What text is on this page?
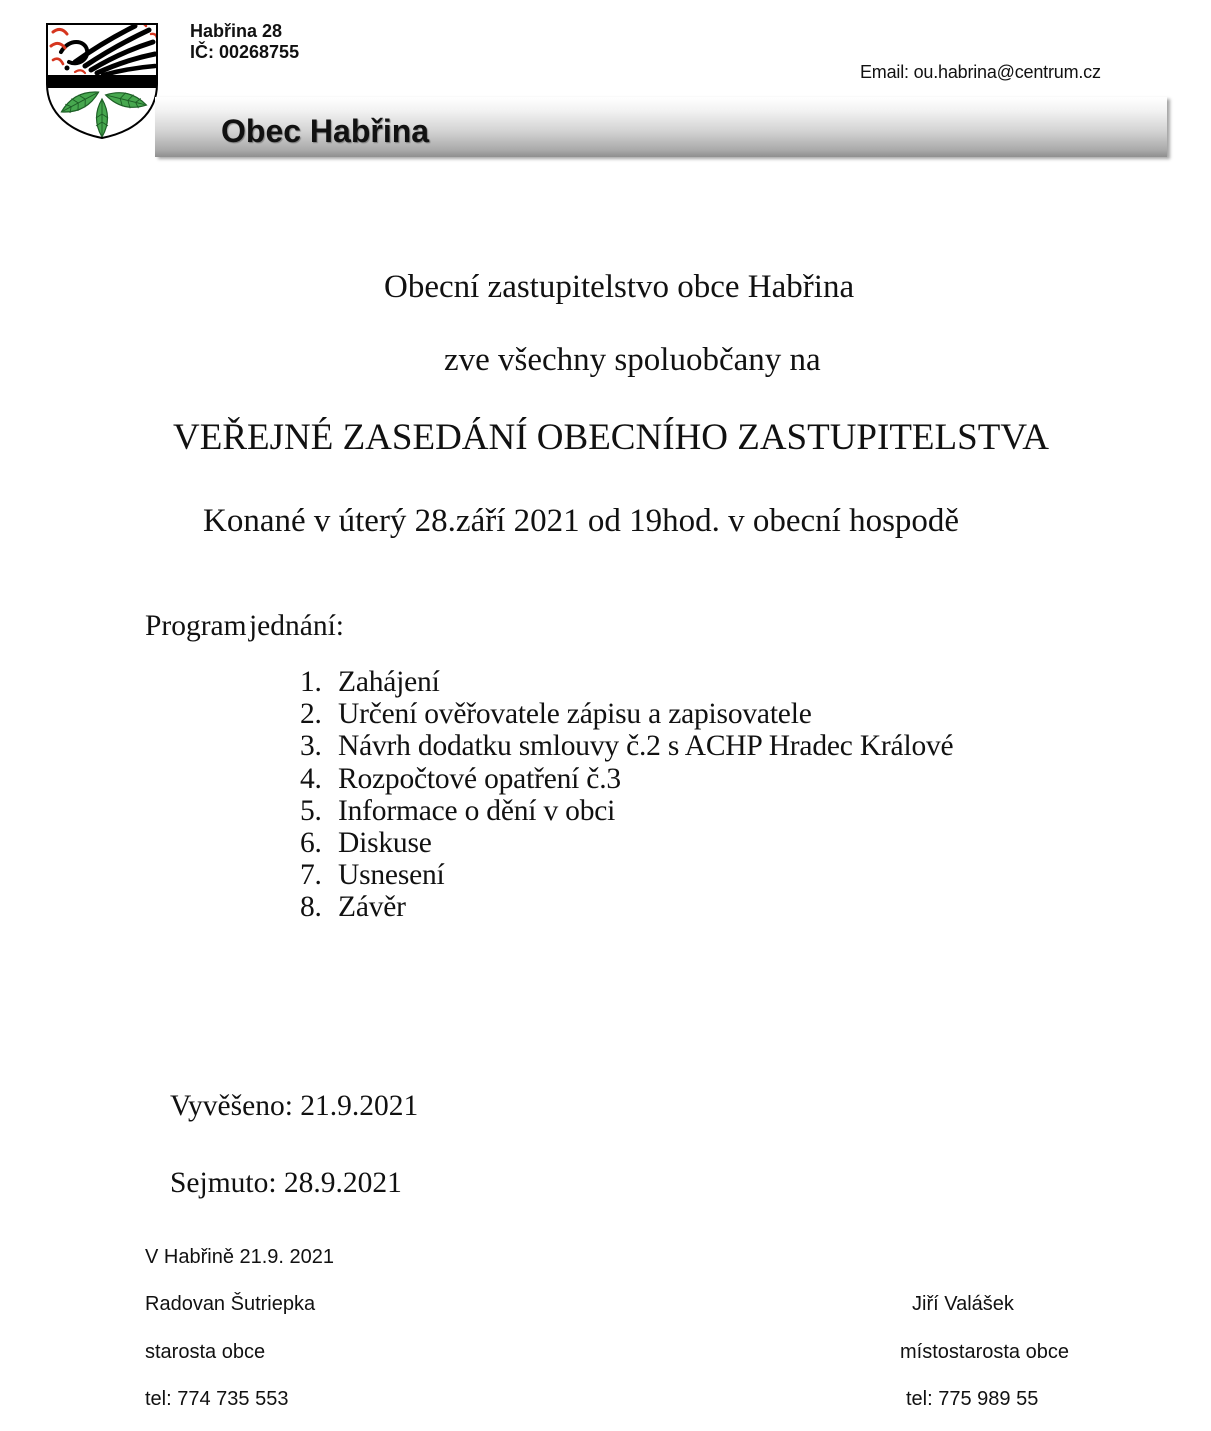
Habřina 28
IČ: 00268755
Email: ou.habrina@centrum.cz
Obec Habřina
Obecní zastupitelstvo obce Habřina
zve všechny spoluobčany na
VEŘEJNÉ ZASEDÁNÍ OBECNÍHO ZASTUPITELSTVA
Konané v úterý 28.září 2021 od 19hod. v obecní hospodě
Program jednání:
1. Zahájení
2. Určení ověřovatele zápisu a zapisovatele
3. Návrh dodatku smlouvy č.2 s ACHP Hradec Králové
4. Rozpočtové opatření č.3
5. Informace o dění v obci
6. Diskuse
7. Usnesení
8. Závěr
Vyvěšeno: 21.9.2021
Sejmuto: 28.9.2021
V Habřině 21.9. 2021
Radovan Šutriepka
starosta obce
tel: 774 735 553
Jiří Valášek
místostarosta obce
tel: 775 989 55
